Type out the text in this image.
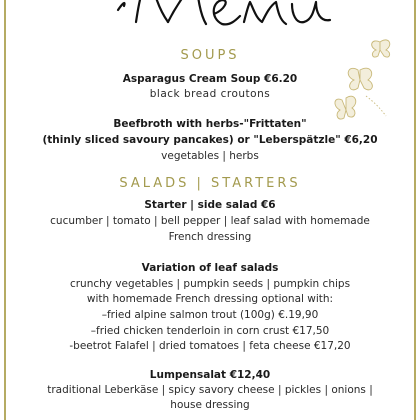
SOUPS
Asparagus Cream Soup €6.20
black bread croutons
Beefbroth with herbs-"Frittaten"
(thinly sliced savoury pancakes) or "Leberspätzle" €6,20
vegetables | herbs
SALADS | STARTERS
Starter | side salad €6
cucumber | tomato | bell pepper | leaf salad with homemade
French dressing
Variation of leaf salads
crunchy vegetables | pumpkin seeds | pumpkin chips
with homemade French dressing optional with:
–fried alpine salmon trout (100g) €.19,90
–fried chicken tenderloin in corn crust €17,50
-beetrot Falafel | dried tomatoes | feta cheese €17,20
Lumpensalat €12,40
traditional Leberkäse | spicy savory cheese | pickles | onions |
house dressing
